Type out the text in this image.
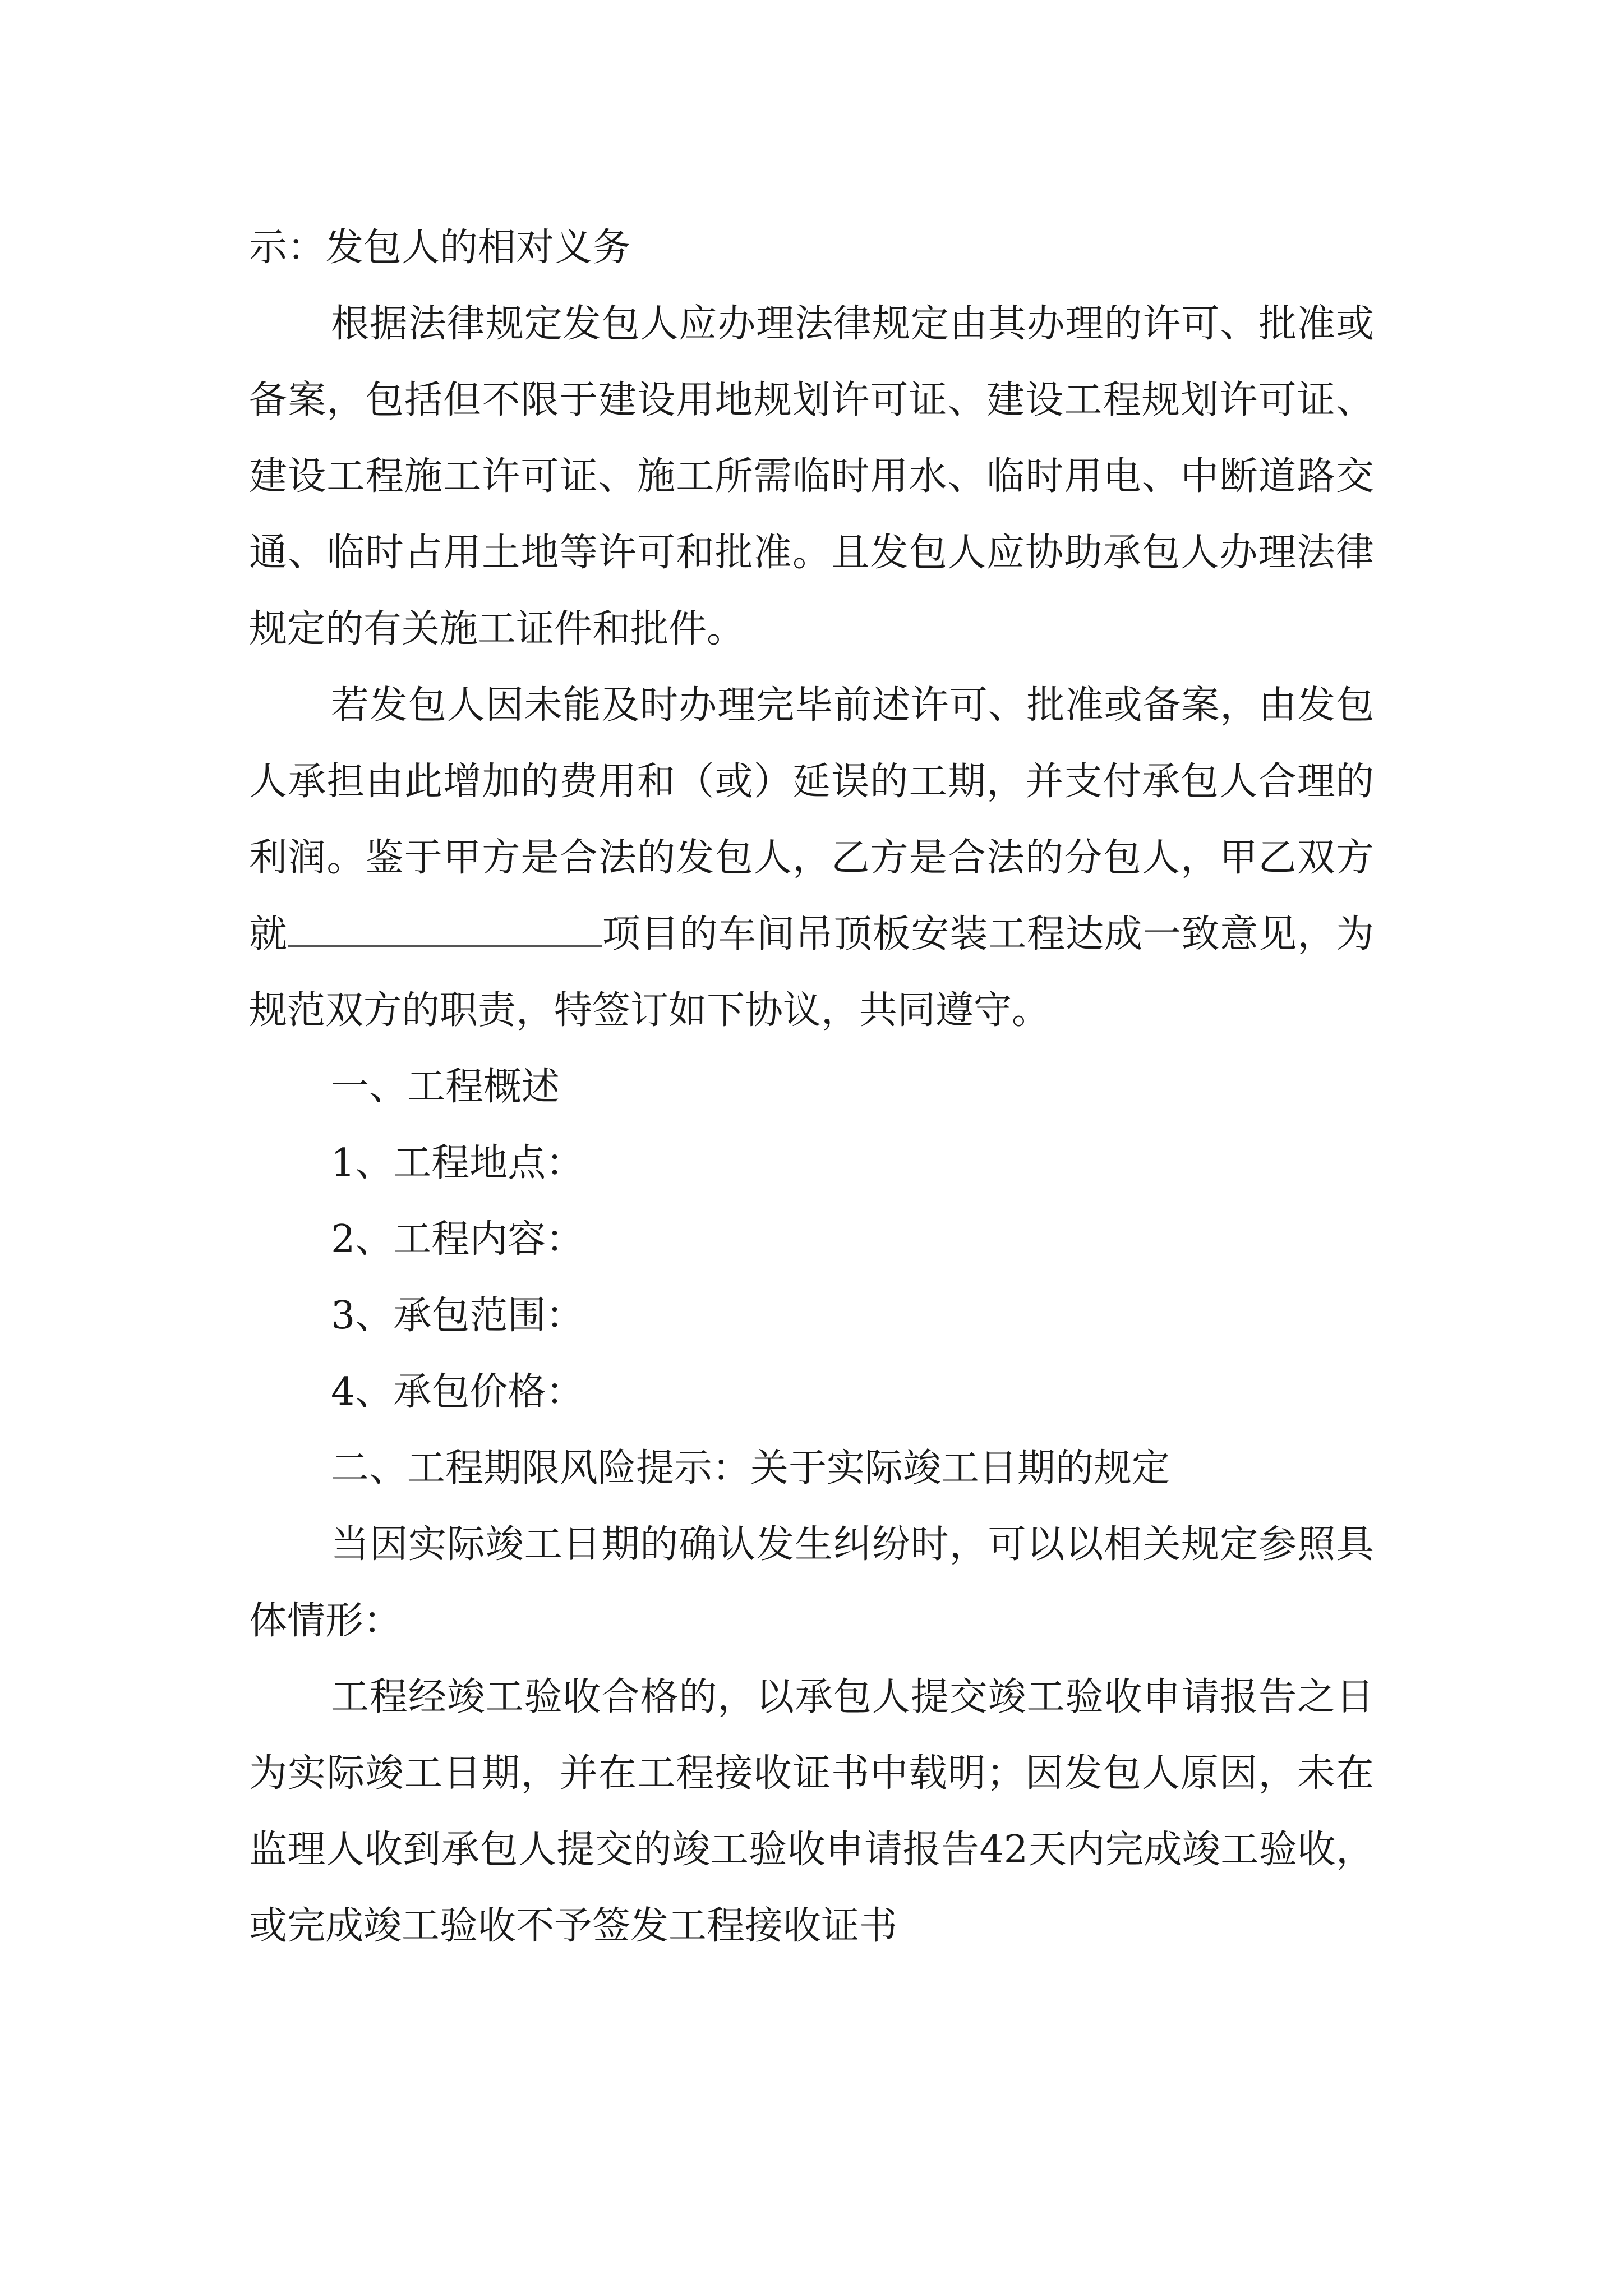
示：发包人的相对义务

根据法律规定发包人应办理法律规定由其办理的许可、批准或备案，包括但不限于建设用地规划许可证、建设工程规划许可证、建设工程施工许可证、施工所需临时用水、临时用电、中断道路交通、临时占用土地等许可和批准。且发包人应协助承包人办理法律规定的有关施工证件和批件。

若发包人因未能及时办理完毕前述许可、批准或备案，由发包人承担由此增加的费用和（或）延误的工期，并支付承包人合理的利润。鉴于甲方是合法的发包人，乙方是合法的分包人，甲乙双方就	项目的车间吊顶板安装工程达成一致意见，为规范双方的职责，特签订如下协议，共同遵守。

一、工程概述

1、工程地点：

2、工程内容：

3、承包范围：

4、承包价格：

二、工程期限风险提示：关于实际竣工日期的规定

当因实际竣工日期的确认发生纠纷时，可以以相关规定参照具体情形：

工程经竣工验收合格的，以承包人提交竣工验收申请报告之日为实际竣工日期，并在工程接收证书中载明；因发包人原因，未在监理人收到承包人提交的竣工验收申请报告42天内完成竣工验收，或完成竣工验收不予签发工程接收证书
